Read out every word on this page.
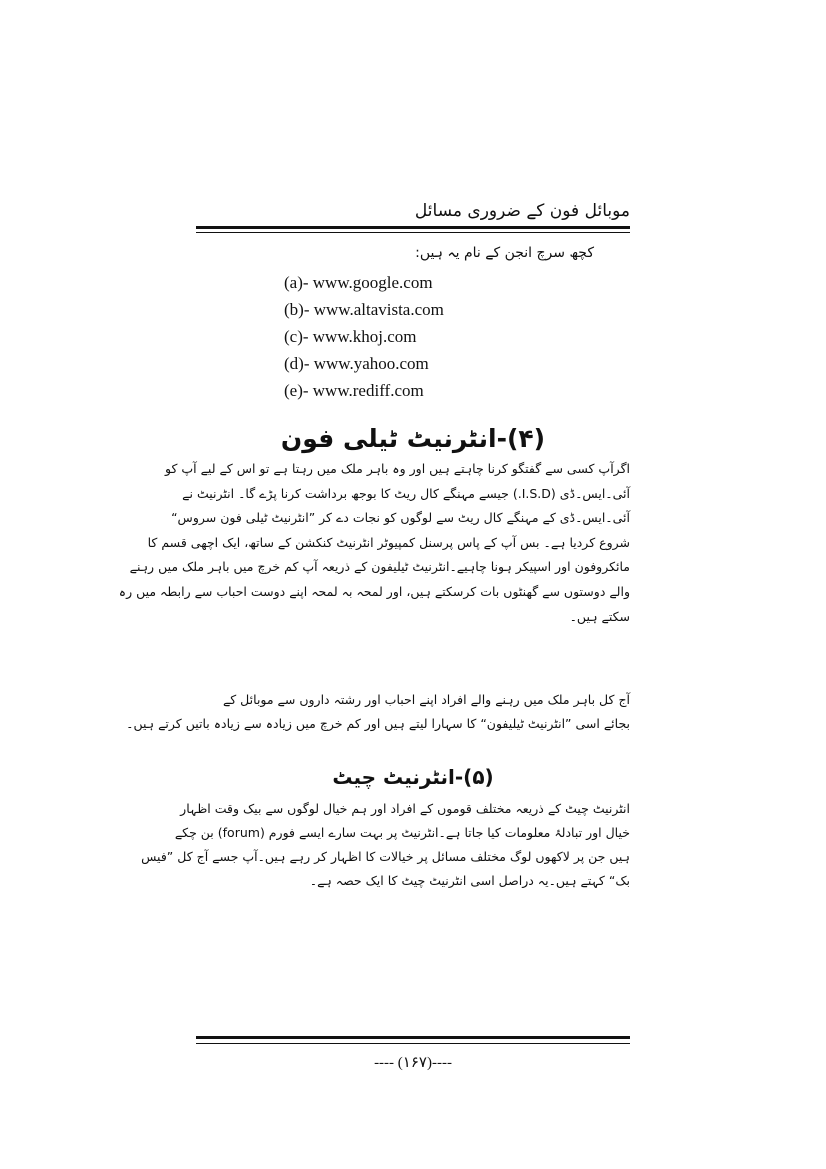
موبائل فون کے ضروری مسائل
کچھ سرچ انجن کے نام یہ ہیں:
(a)- www.google.com
(b)- www.altavista.com
(c)- www.khoj.com
(d)- www.yahoo.com
(e)- www.rediff.com
(۴)-انٹرنیٹ ٹیلی فون
اگرآپ کسی سے گفتگو کرنا چاہتے ہیں اور وہ باہر ملک میں رہتا ہے تو اس کے لیے آپ کو
آئی۔ایس۔ڈی (I.S.D.) جیسے مہنگے کال ریٹ کا بوجھ برداشت کرنا پڑے گا۔ انٹرنیٹ نے
آئی۔ایس۔ڈی کے مہنگے کال ریٹ سے لوگوں کو نجات دے کر ”انٹرنیٹ ٹیلی فون سروس“
شروع کردیا ہے۔ بس آپ کے پاس پرسنل کمپیوٹر انٹرنیٹ کنکشن کے ساتھ، ایک اچھی قسم کا
مائکروفون اور اسپیکر ہونا چاہیے۔انٹرنیٹ ٹیلیفون کے ذریعہ آپ کم خرچ میں باہر ملک میں رہنے
والے دوستوں سے گھنٹوں بات کرسکتے ہیں، اور لمحہ بہ لمحہ اپنے دوست احباب سے رابطہ میں رہ
سکتے ہیں۔
آج کل باہر ملک میں رہنے والے افراد اپنے احباب اور رشتہ داروں سے موبائل کے
بجائے اسی ”انٹرنیٹ ٹیلیفون“ کا سہارا لیتے ہیں اور کم خرچ میں زیادہ سے زیادہ باتیں کرتے ہیں۔
(۵)-انٹرنیٹ چیٹ
انٹرنیٹ چیٹ کے ذریعہ مختلف قوموں کے افراد اور ہم خیال لوگوں سے بیک وقت اظہار
خیال اور تبادلۂ معلومات کیا جاتا ہے۔انٹرنیٹ پر بہت سارے ایسے فورم (forum) بن چکے
ہیں جن پر لاکھوں لوگ مختلف مسائل پر خیالات کا اظہار کر رہے ہیں۔آپ جسے آج کل ”فیس
بک“ کہتے ہیں۔یہ دراصل اسی انٹرنیٹ چیٹ کا ایک حصہ ہے۔
---- (۱۶۷)----
